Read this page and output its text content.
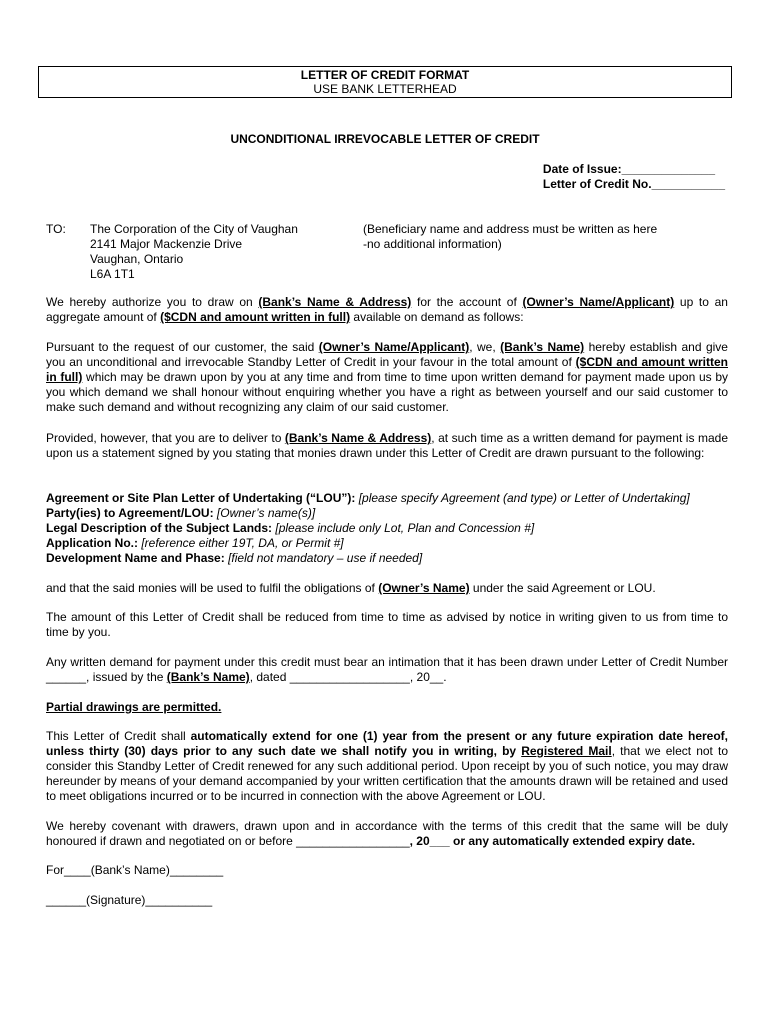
LETTER OF CREDIT FORMAT
USE BANK LETTERHEAD
UNCONDITIONAL IRREVOCABLE LETTER OF CREDIT
Date of Issue:______________
Letter of Credit No.___________
TO: The Corporation of the City of Vaughan
2141 Major Mackenzie Drive
Vaughan, Ontario
L6A 1T1
(Beneficiary name and address must be written as here
-no additional information)
We hereby authorize you to draw on (Bank’s Name & Address) for the account of (Owner’s Name/Applicant) up to an aggregate amount of ($CDN and amount written in full) available on demand as follows:
Pursuant to the request of our customer, the said (Owner’s Name/Applicant), we, (Bank’s Name) hereby establish and give you an unconditional and irrevocable Standby Letter of Credit in your favour in the total amount of ($CDN and amount written in full) which may be drawn upon by you at any time and from time to time upon written demand for payment made upon us by you which demand we shall honour without enquiring whether you have a right as between yourself and our said customer to make such demand and without recognizing any claim of our said customer.
Provided, however, that you are to deliver to (Bank’s Name & Address), at such time as a written demand for payment is made upon us a statement signed by you stating that monies drawn under this Letter of Credit are drawn pursuant to the following:
Agreement or Site Plan Letter of Undertaking (“LOU”): [please specify Agreement (and type) or Letter of Undertaking]
Party(ies) to Agreement/LOU: [Owner’s name(s)]
Legal Description of the Subject Lands: [please include only Lot, Plan and Concession #]
Application No.: [reference either 19T, DA, or Permit #]
Development Name and Phase: [field not mandatory – use if needed]
and that the said monies will be used to fulfil the obligations of (Owner’s Name) under the said Agreement or LOU.
The amount of this Letter of Credit shall be reduced from time to time as advised by notice in writing given to us from time to time by you.
Any written demand for payment under this credit must bear an intimation that it has been drawn under Letter of Credit Number ______, issued by the (Bank’s Name), dated __________________, 20__.
Partial drawings are permitted.
This Letter of Credit shall automatically extend for one (1) year from the present or any future expiration date hereof, unless thirty (30) days prior to any such date we shall notify you in writing, by Registered Mail, that we elect not to consider this Standby Letter of Credit renewed for any such additional period. Upon receipt by you of such notice, you may draw hereunder by means of your demand accompanied by your written certification that the amounts drawn will be retained and used to meet obligations incurred or to be incurred in connection with the above Agreement or LOU.
We hereby covenant with drawers, drawn upon and in accordance with the terms of this credit that the same will be duly honoured if drawn and negotiated on or before _________________, 20___ or any automatically extended expiry date.
For____(Bank’s Name)________
______(Signature)__________
